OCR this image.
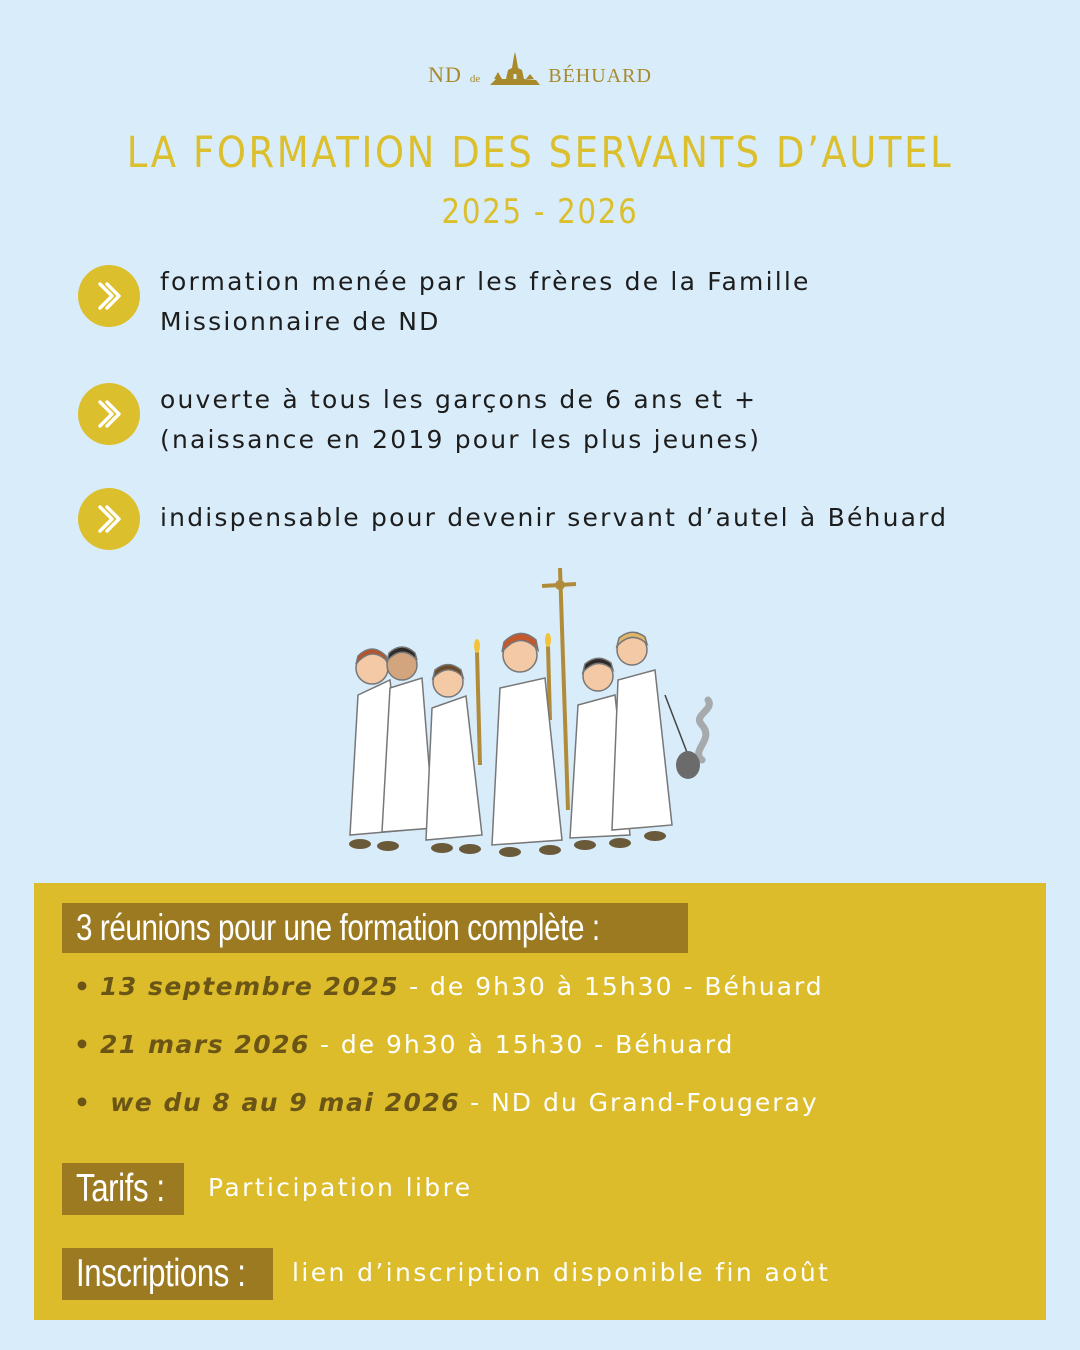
ND de	BÉHUARD
LA FORMATION DES SERVANTS D’AUTEL
2025 - 2026
formation menée par les frères de la Famille
Missionnaire de ND
ouverte à tous les garçons de 6 ans et +
(naissance en 2019 pour les plus jeunes)
indispensable pour devenir servant d’autel à Béhuard
3 réunions pour une formation complète :
• 13 septembre 2025 - de 9h30 à 15h30 - Béhuard
• 21 mars 2026 - de 9h30 à 15h30 - Béhuard
• we du 8 au 9 mai 2026 - ND du Grand-Fougeray
Tarifs : Participation libre
Inscriptions : lien d’inscription disponible fin août
